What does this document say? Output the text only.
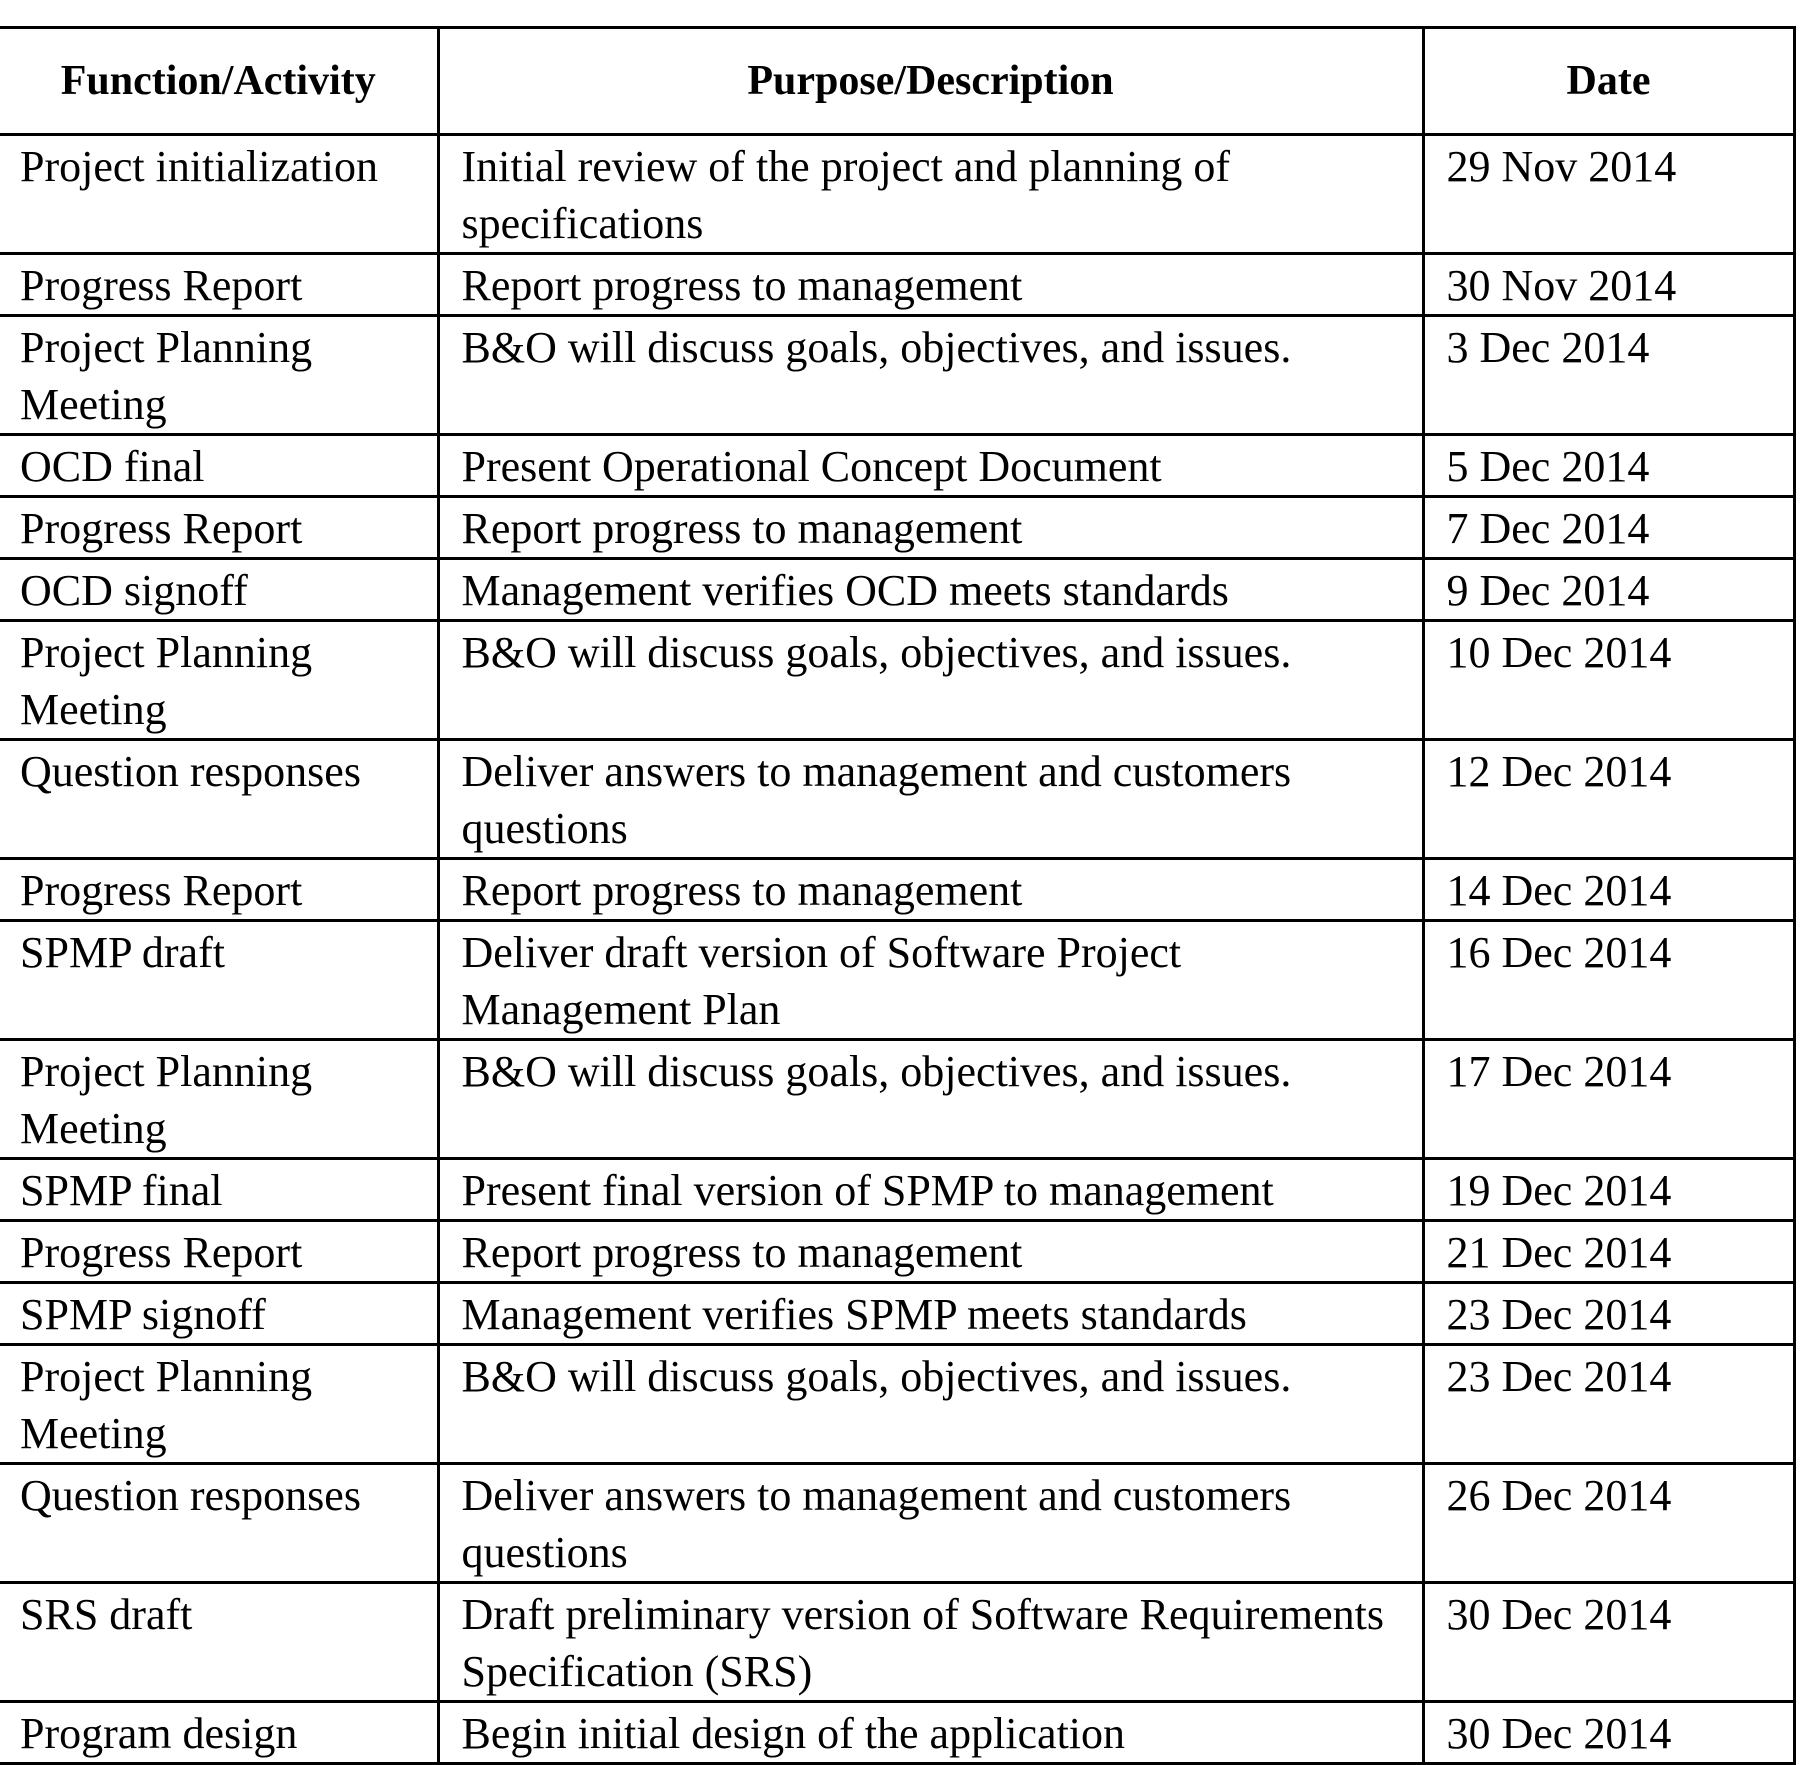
Function/Activity	Purpose/Description	Date

Project initialization	Initial review of the project and planning of specifications	29 Nov 2014

Progress Report	Report progress to management	30 Nov 2014

Project Planning Meeting	B&O will discuss goals, objectives, and issues.	3 Dec 2014

OCD final	Present Operational Concept Document	5 Dec 2014

Progress Report	Report progress to management	7 Dec 2014

OCD signoff	Management verifies OCD meets standards	9 Dec 2014

Project Planning Meeting	B&O will discuss goals, objectives, and issues.	10 Dec 2014

Question responses	Deliver answers to management and customers questions	12 Dec 2014

Progress Report	Report progress to management	14 Dec 2014

SPMP draft	Deliver draft version of Software Project Management Plan	16 Dec 2014

Project Planning Meeting	B&O will discuss goals, objectives, and issues.	17 Dec 2014

SPMP final	Present final version of SPMP to management	19 Dec 2014

Progress Report	Report progress to management	21 Dec 2014

SPMP signoff	Management verifies SPMP meets standards	23 Dec 2014

Project Planning Meeting	B&O will discuss goals, objectives, and issues.	23 Dec 2014

Question responses	Deliver answers to management and customers questions	26 Dec 2014

SRS draft	Draft preliminary version of Software Requirements Specification (SRS)	30 Dec 2014

Program design	Begin initial design of the application	30 Dec 2014
